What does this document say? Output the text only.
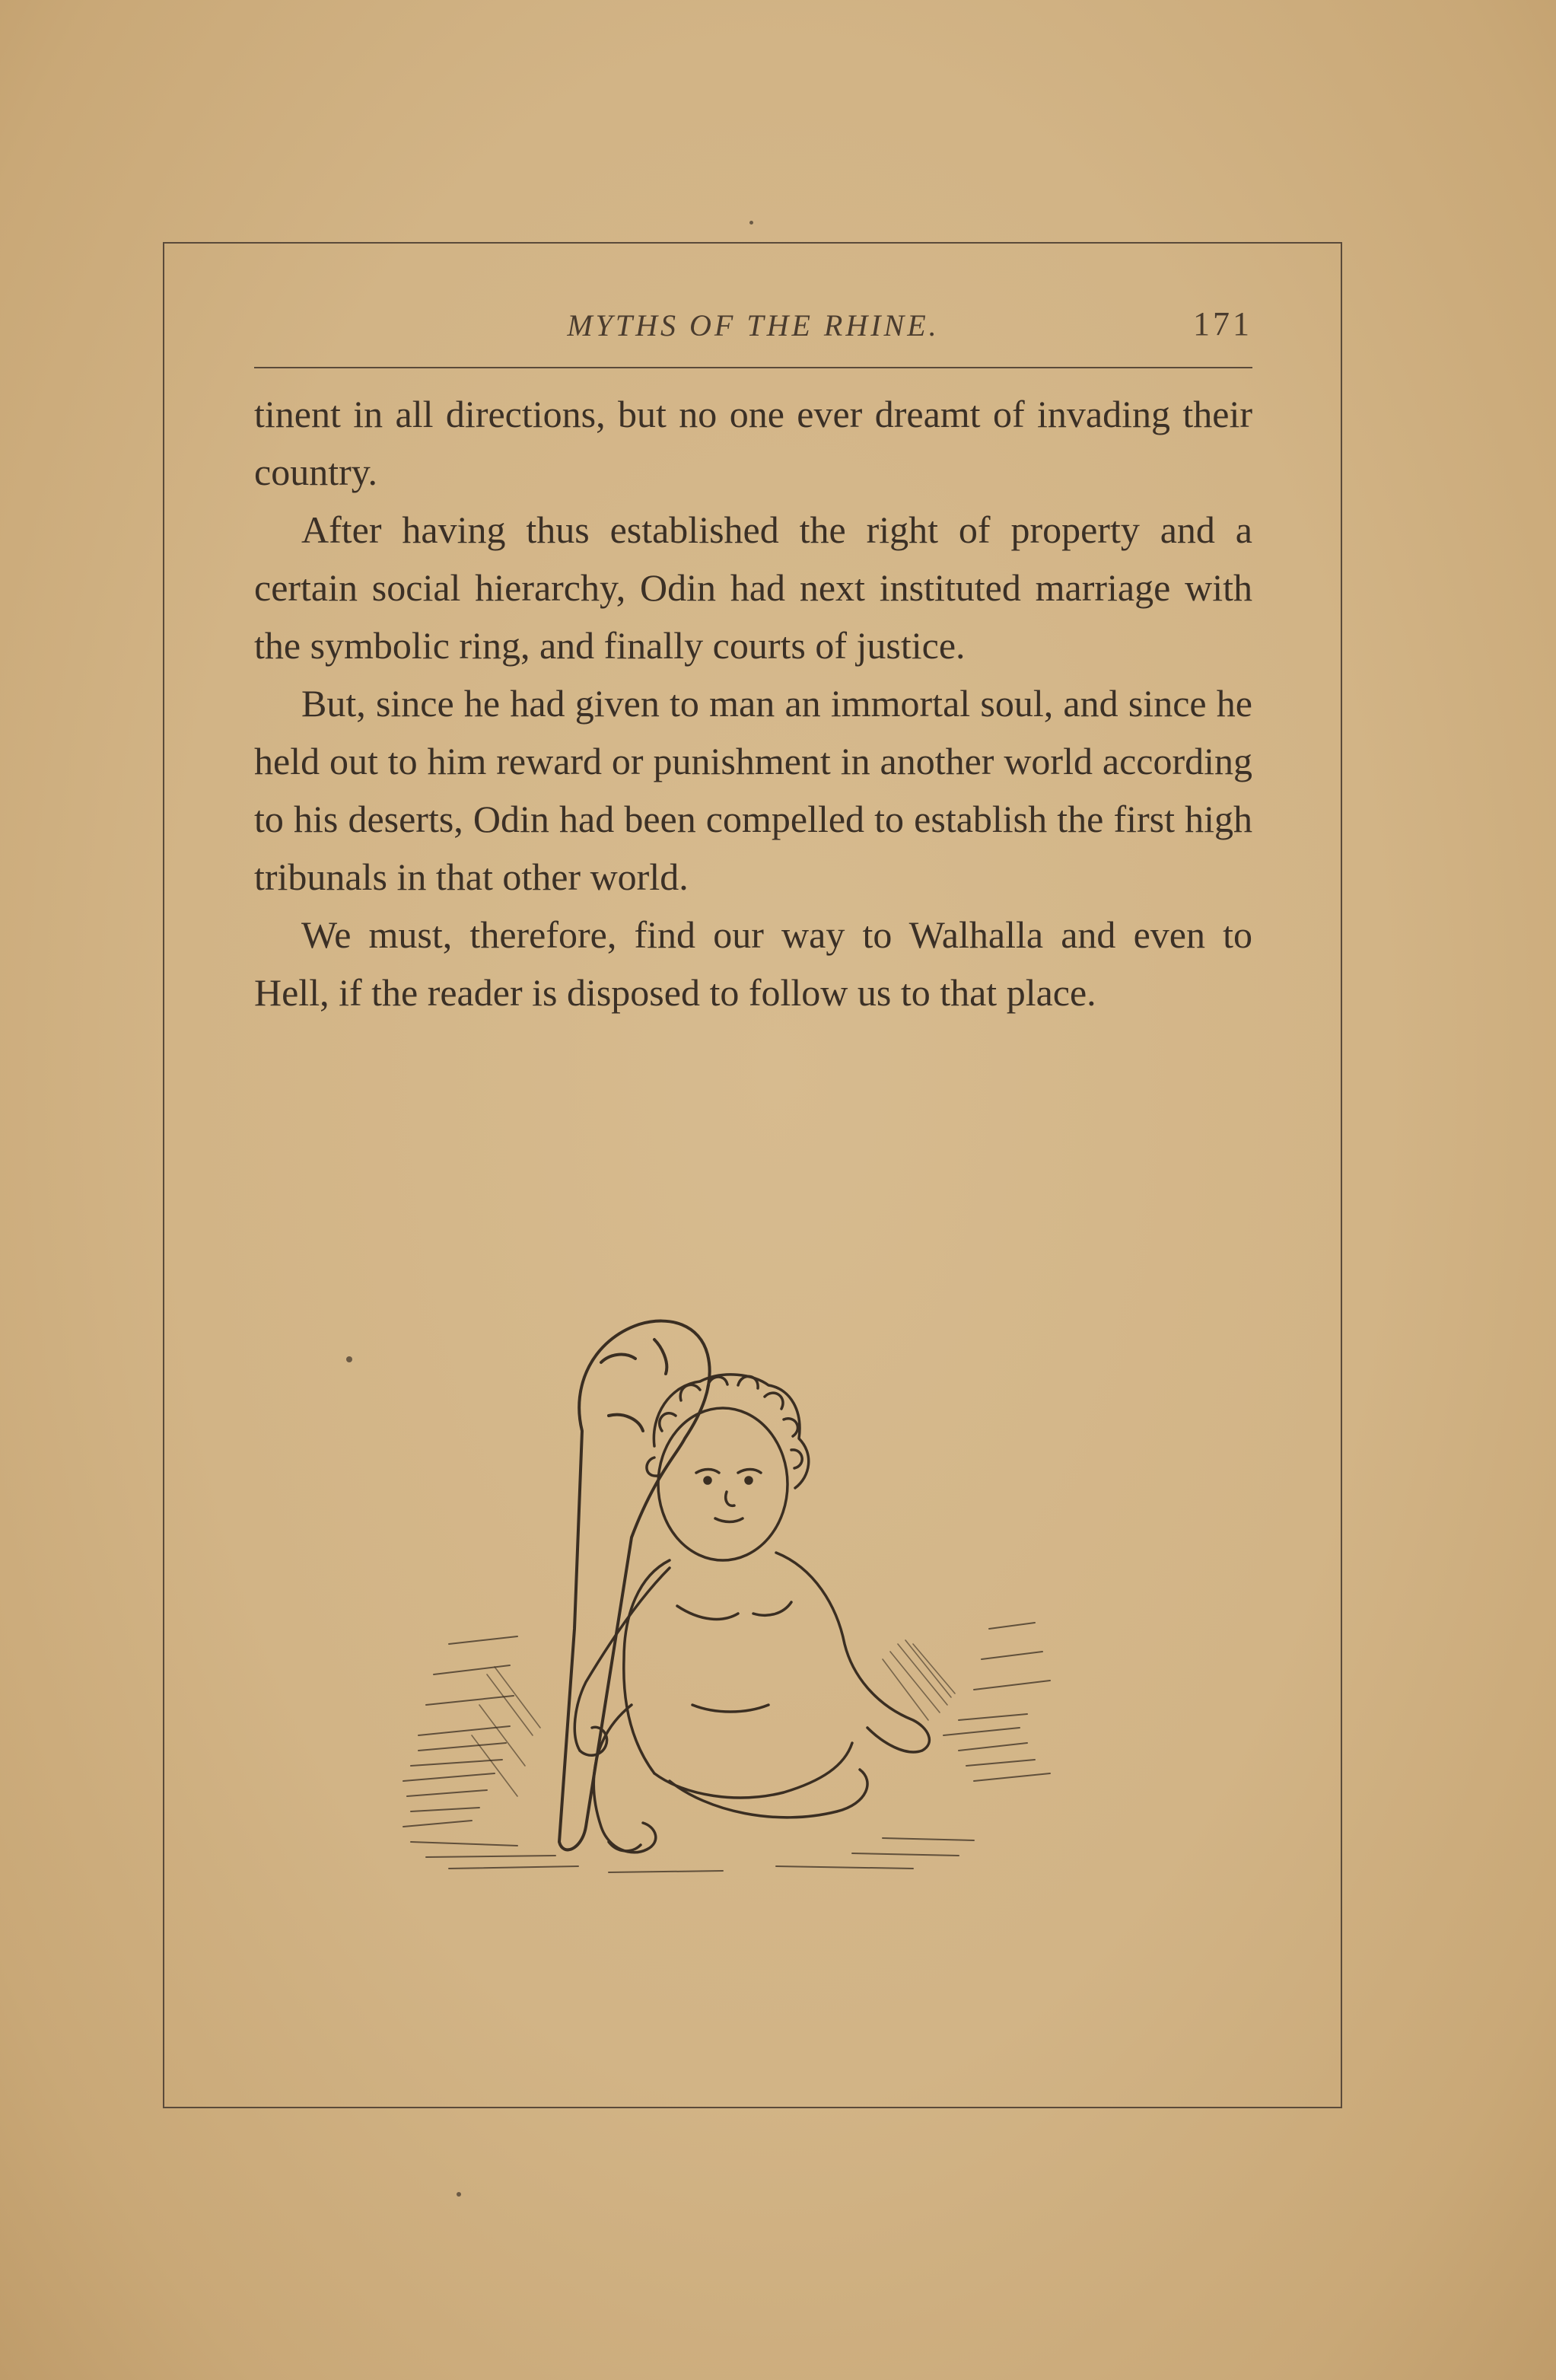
MYTHS OF THE RHINE.	171

tinent in all directions, but no one ever dreamt of invading their country.

After having thus established the right of property and a certain social hierarchy, Odin had next instituted marriage with the symbolic ring, and finally courts of justice.

But, since he had given to man an immortal soul, and since he held out to him reward or punishment in another world according to his deserts, Odin had been compelled to establish the first high tribunals in that other world.

We must, therefore, find our way to Walhalla and even to Hell, if the reader is disposed to follow us to that place.
